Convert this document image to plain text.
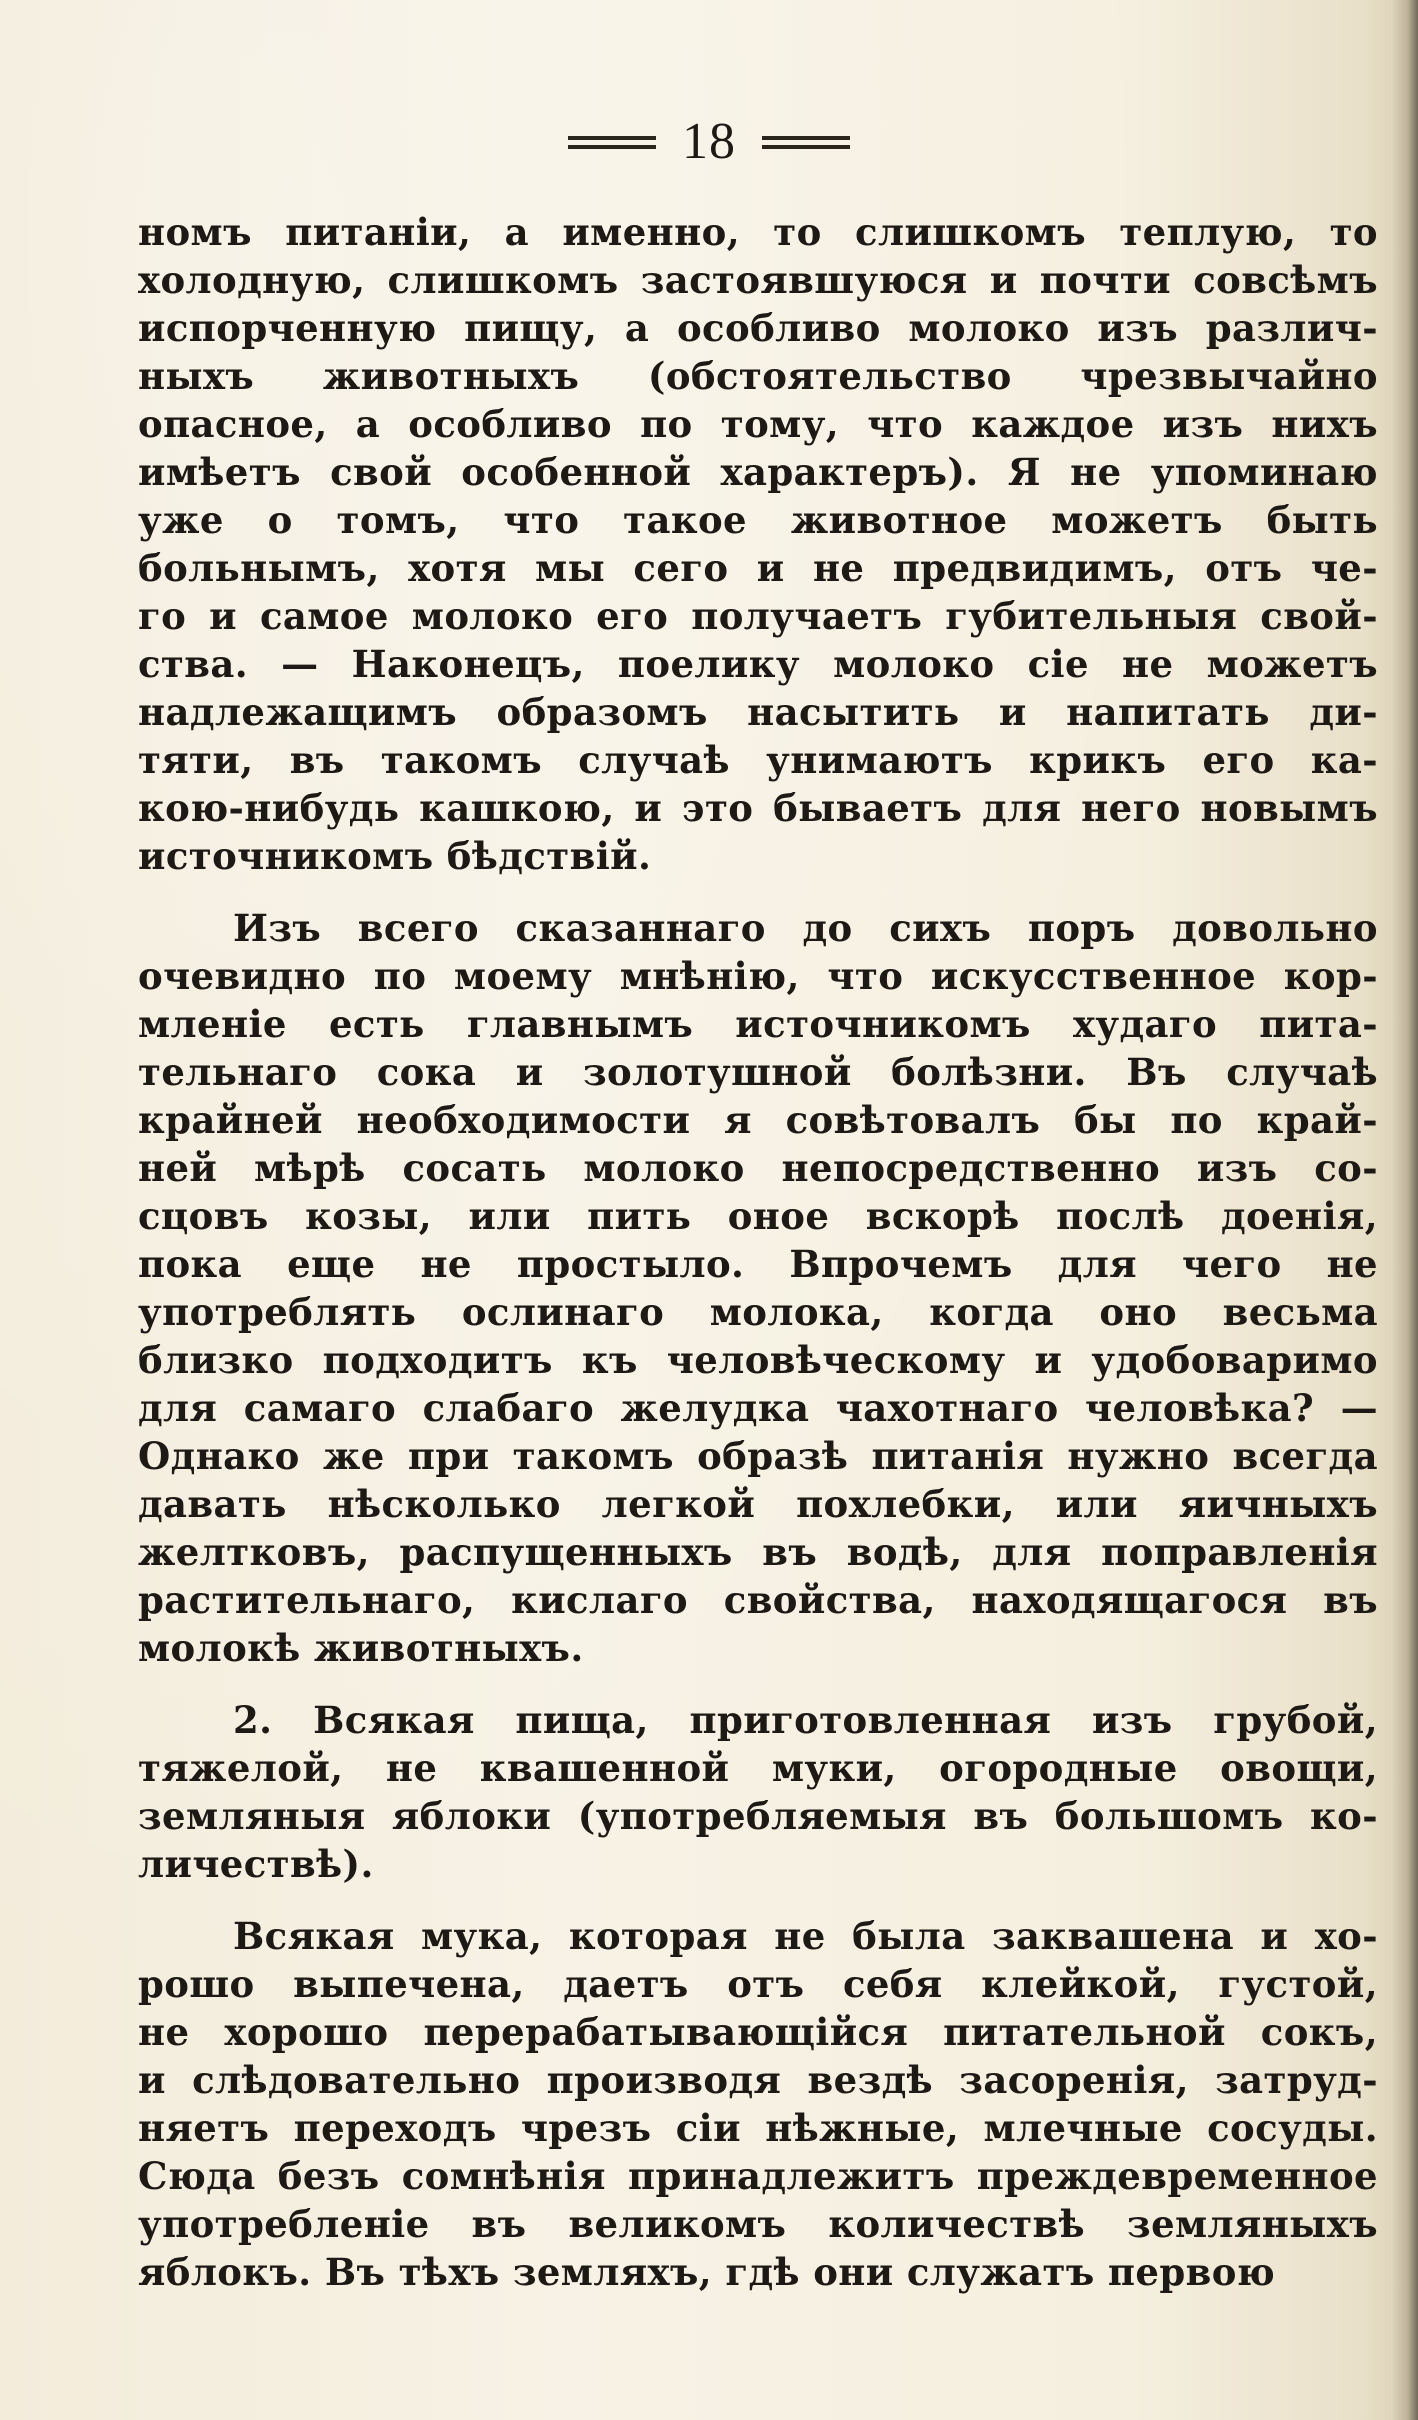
18

номъ питаніи, а именно, то слишкомъ теплую, то
холодную, слишкомъ застоявшуюся и почти совсѣмъ
испорченную пищу, а особливо молоко изъ различ-
ныхъ животныхъ (обстоятельство чрезвычайно
опасное, а особливо по тому, что каждое изъ нихъ
имѣетъ свой особенной характеръ). Я не упоминаю
уже о томъ, что такое животное можетъ быть
больнымъ, хотя мы сего и не предвидимъ, отъ че-
го и самое молоко его получаетъ губительныя свой-
ства. — Наконецъ, поелику молоко сіе не можетъ
надлежащимъ образомъ насытить и напитать ди-
тяти, въ такомъ случаѣ унимаютъ крикъ его ка-
кою-нибудь кашкою, и это бываетъ для него новымъ
источникомъ бѣдствій.

Изъ всего сказаннаго до сихъ поръ довольно
очевидно по моему мнѣнію, что искусственное кор-
мленіе есть главнымъ источникомъ худаго пита-
тельнаго сока и золотушной болѣзни. Въ случаѣ
крайней необходимости я совѣтовалъ бы по край-
ней мѣрѣ сосать молоко непосредственно изъ со-
сцовъ козы, или пить оное вскорѣ послѣ доенія,
пока еще не простыло. Впрочемъ для чего не
употреблять ослинаго молока, когда оно весьма
близко подходитъ къ человѣческому и удобоваримо
для самаго слабаго желудка чахотнаго человѣка? —
Однако же при такомъ образѣ питанія нужно всегда
давать нѣсколько легкой похлебки, или яичныхъ
желтковъ, распущенныхъ въ водѣ, для поправленія
растительнаго, кислаго свойства, находящагося въ
молокѣ животныхъ.

2. Всякая пища, приготовленная изъ грубой,
тяжелой, не квашенной муки, огородные овощи,
земляныя яблоки (употребляемыя въ большомъ ко-
личествѣ).

Всякая мука, которая не была заквашена и хо-
рошо выпечена, даетъ отъ себя клейкой, густой,
не хорошо перерабатывающійся питательной сокъ,
и слѣдовательно производя вездѣ засоренія, затруд-
няетъ переходъ чрезъ сіи нѣжные, млечные сосуды.
Сюда безъ сомнѣнія принадлежитъ преждевременное
употребленіе въ великомъ количествѣ земляныхъ
яблокъ. Въ тѣхъ земляхъ, гдѣ они служатъ первою
